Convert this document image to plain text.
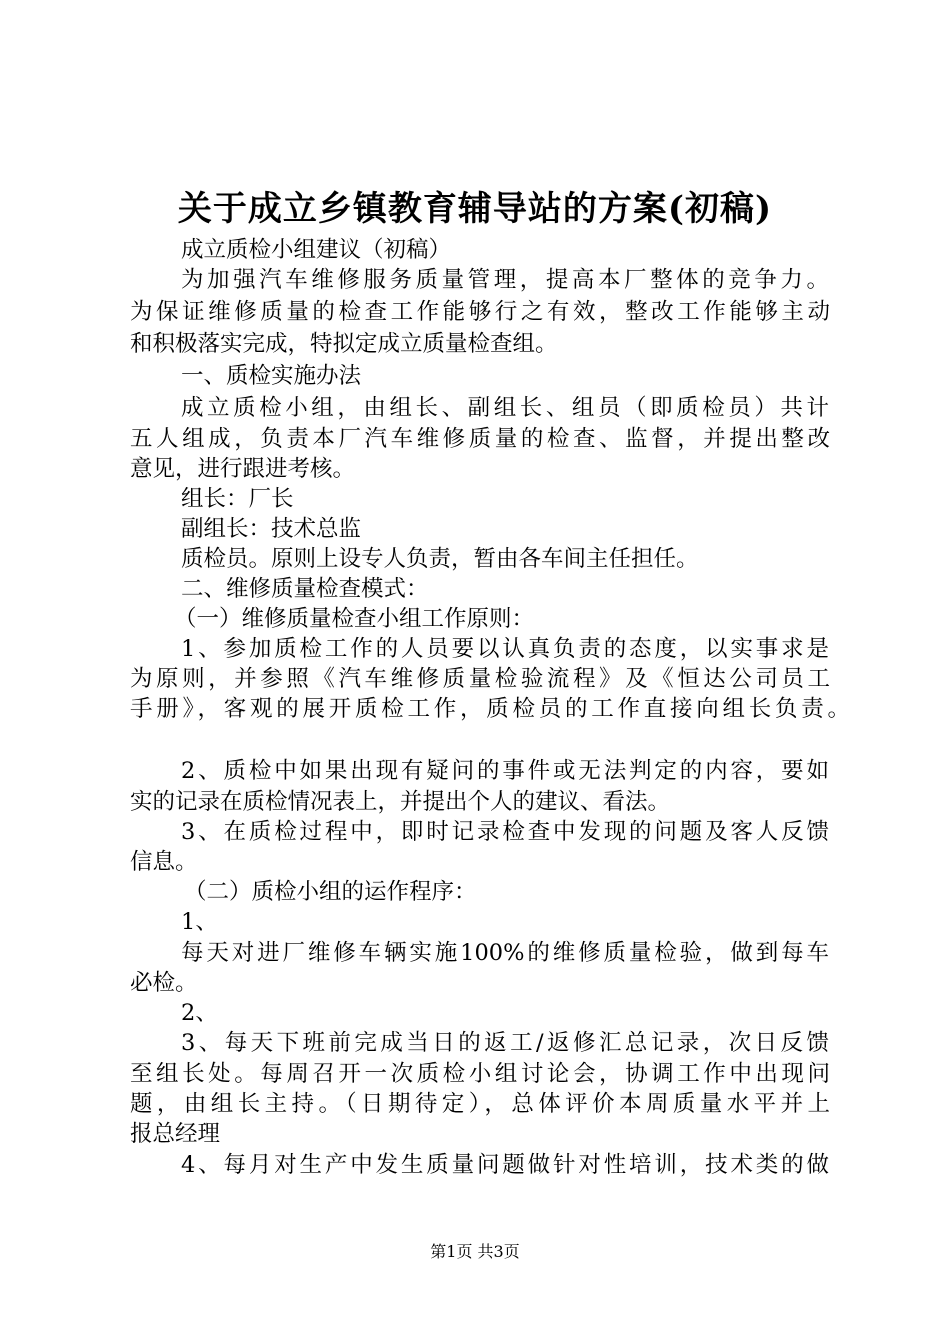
关于成立乡镇教育辅导站的方案(初稿)
成立质检小组建议（初稿）
为加强汽车维修服务质量管理，提高本厂整体的竞争力。
为保证维修质量的检查工作能够行之有效，整改工作能够主动
和积极落实完成，特拟定成立质量检查组。
一、质检实施办法
成立质检小组，由组长、副组长、组员（即质检员）共计
五人组成，负责本厂汽车维修质量的检查、监督，并提出整改
意见，进行跟进考核。
组长：厂长
副组长：技术总监
质检员。原则上设专人负责，暂由各车间主任担任。
二、维修质量检查模式：
（一）维修质量检查小组工作原则：
1、参加质检工作的人员要以认真负责的态度，以实事求是
为原则，并参照《汽车维修质量检验流程》及《恒达公司员工
手册》，客观的展开质检工作，质检员的工作直接向组长负责。
2、质检中如果出现有疑问的事件或无法判定的内容，要如
实的记录在质检情况表上，并提出个人的建议、看法。
3、在质检过程中，即时记录检查中发现的问题及客人反馈
信息。
（二）质检小组的运作程序：
1、
每天对进厂维修车辆实施100%的维修质量检验，做到每车
必检。
2、
3、每天下班前完成当日的返工/返修汇总记录，次日反馈
至组长处。每周召开一次质检小组讨论会，协调工作中出现问
题，由组长主持。（日期待定），总体评价本周质量水平并上
报总经理
4、每月对生产中发生质量问题做针对性培训，技术类的做
第1页 共3页
